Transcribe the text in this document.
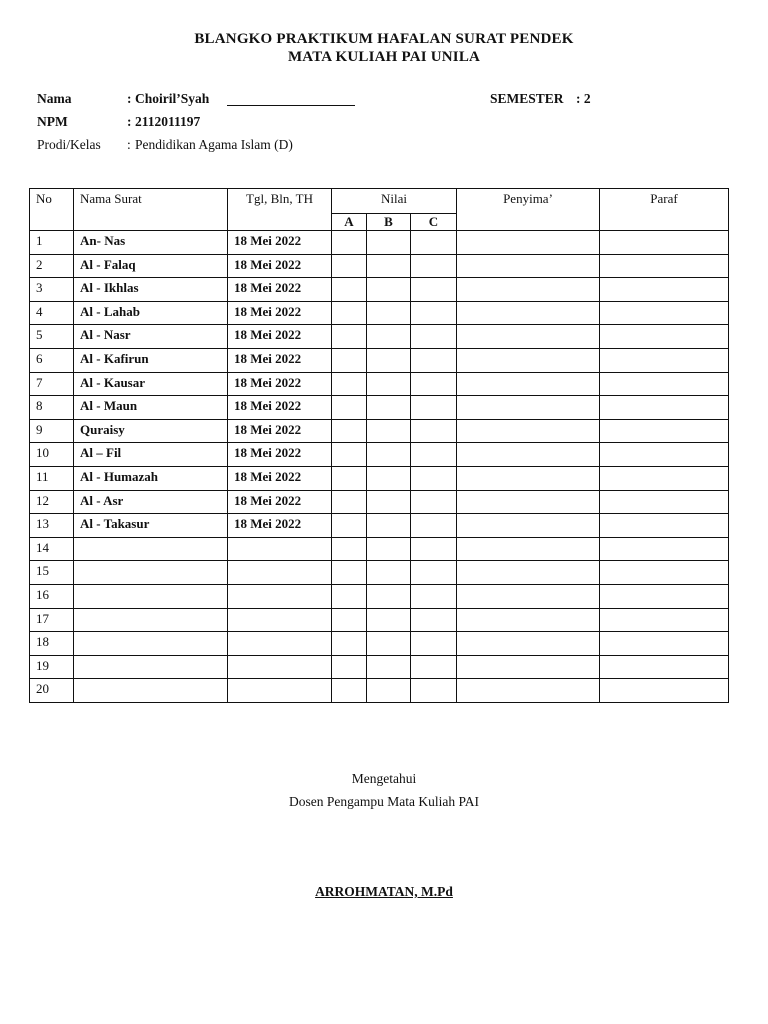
BLANGKO PRAKTIKUM HAFALAN SURAT PENDEK
MATA KULIAH PAI UNILA
Nama	: Choiril’Syah
NPM	: 2112011197
Prodi/Kelas : Pendidikan Agama Islam (D)
SEMESTER : 2
No	Nama Surat	Tgl, Bln, TH	Nilai			Penyima’	Paraf
			A	B	C		
1	An- Nas	18 Mei 2022					
2	Al - Falaq	18 Mei 2022					
3	Al - Ikhlas	18 Mei 2022					
4	Al - Lahab	18 Mei 2022					
5	Al - Nasr	18 Mei 2022					
6	Al - Kafirun	18 Mei 2022					
7	Al - Kausar	18 Mei 2022					
8	Al - Maun	18 Mei 2022					
9	Quraisy	18 Mei 2022					
10	Al – Fil	18 Mei 2022					
11	Al - Humazah	18 Mei 2022					
12	Al - Asr	18 Mei 2022					
13	Al - Takasur	18 Mei 2022					
14							
15							
16							
17							
18							
19							
20							
Mengetahui
Dosen Pengampu Mata Kuliah PAI
ARROHMATAN, M.Pd
